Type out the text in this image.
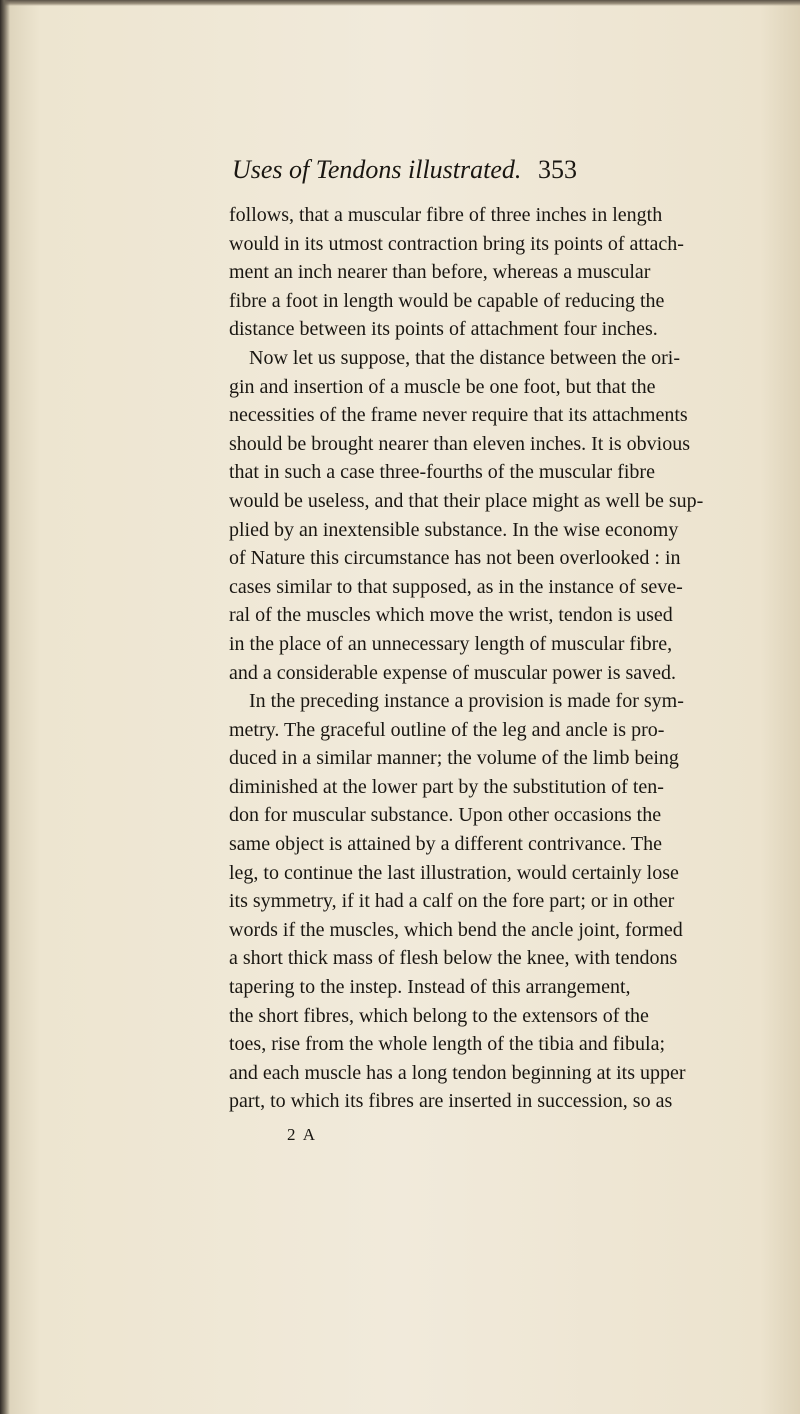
Uses of Tendons illustrated. 353
follows, that a muscular fibre of three inches in length
would in its utmost contraction bring its points of attach-
ment an inch nearer than before, whereas a muscular
fibre a foot in length would be capable of reducing the
distance between its points of attachment four inches.
Now let us suppose, that the distance between the ori-
gin and insertion of a muscle be one foot, but that the
necessities of the frame never require that its attachments
should be brought nearer than eleven inches. It is obvious
that in such a case three-fourths of the muscular fibre
would be useless, and that their place might as well be sup-
plied by an inextensible substance. In the wise economy
of Nature this circumstance has not been overlooked : in
cases similar to that supposed, as in the instance of seve-
ral of the muscles which move the wrist, tendon is used
in the place of an unnecessary length of muscular fibre,
and a considerable expense of muscular power is saved.
In the preceding instance a provision is made for sym-
metry. The graceful outline of the leg and ancle is pro-
duced in a similar manner; the volume of the limb being
diminished at the lower part by the substitution of ten-
don for muscular substance. Upon other occasions the
same object is attained by a different contrivance. The
leg, to continue the last illustration, would certainly lose
its symmetry, if it had a calf on the fore part; or in other
words if the muscles, which bend the ancle joint, formed
a short thick mass of flesh below the knee, with tendons
tapering to the instep. Instead of this arrangement,
the short fibres, which belong to the extensors of the
toes, rise from the whole length of the tibia and fibula;
and each muscle has a long tendon beginning at its upper
part, to which its fibres are inserted in succession, so as
2 A
